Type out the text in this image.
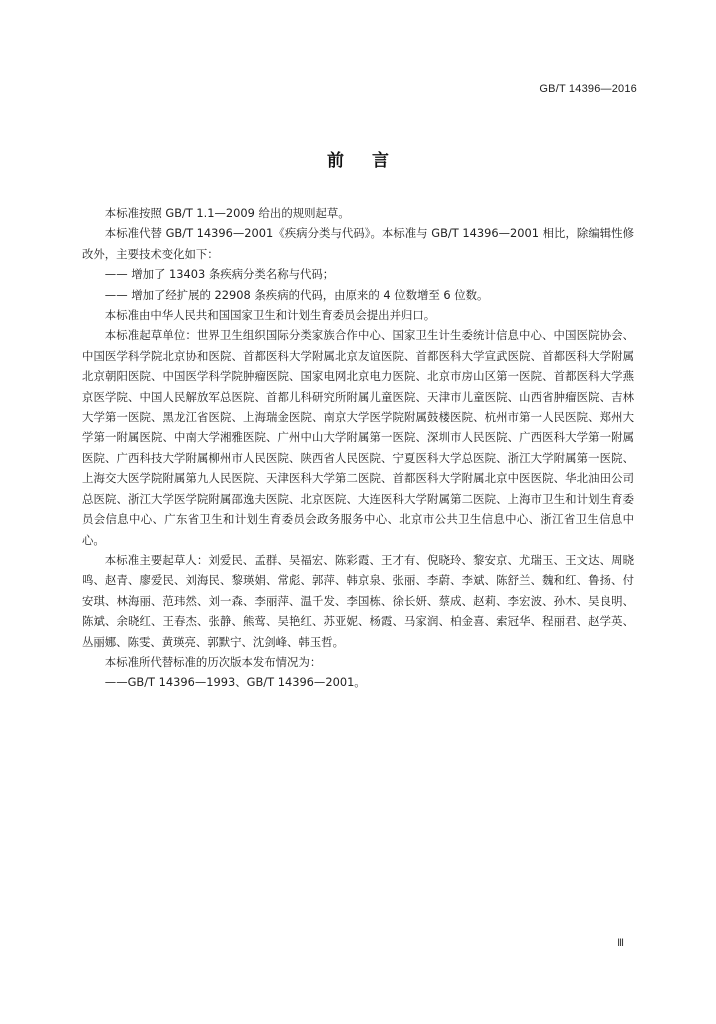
GB/T 14396—2016
前言

本标准按照 GB/T 1.1—2009 给出的规则起草。

本标准代替 GB/T 14396—2001《疾病分类与代码》。本标准与 GB/T 14396—2001 相比，除编辑性修改外，主要技术变化如下：

—— 增加了 13403 条疾病分类名称与代码；

—— 增加了经扩展的 22908 条疾病的代码，由原来的 4 位数增至 6 位数。

本标准由中华人民共和国国家卫生和计划生育委员会提出并归口。

本标准起草单位：世界卫生组织国际分类家族合作中心、国家卫生计生委统计信息中心、中国医院协会、中国医学科学院北京协和医院、首都医科大学附属北京友谊医院、首都医科大学宣武医院、首都医科大学附属北京朝阳医院、中国医学科学院肿瘤医院、国家电网北京电力医院、北京市房山区第一医院、首都医科大学燕京医学院、中国人民解放军总医院、首都儿科研究所附属儿童医院、天津市儿童医院、山西省肿瘤医院、吉林大学第一医院、黑龙江省医院、上海瑞金医院、南京大学医学院附属鼓楼医院、杭州市第一人民医院、郑州大学第一附属医院、中南大学湘雅医院、广州中山大学附属第一医院、深圳市人民医院、广西医科大学第一附属医院、广西科技大学附属柳州市人民医院、陕西省人民医院、宁夏医科大学总医院、浙江大学附属第一医院、上海交大医学院附属第九人民医院、天津医科大学第二医院、首都医科大学附属北京中医医院、华北油田公司总医院、浙江大学医学院附属邵逸夫医院、北京医院、大连医科大学附属第二医院、上海市卫生和计划生育委员会信息中心、广东省卫生和计划生育委员会政务服务中心、北京市公共卫生信息中心、浙江省卫生信息中心。

本标准主要起草人：刘爱民、孟群、吴福宏、陈彩霞、王才有、倪晓玲、黎安京、尤瑞玉、王文达、周晓鸣、赵青、廖爱民、刘海民、黎瑛娟、常彪、郭萍、韩京泉、张丽、李蔚、李斌、陈舒兰、魏和红、鲁扬、付安琪、林海丽、范玮然、刘一森、李丽萍、温千发、李国栋、徐长妍、蔡成、赵莉、李宏波、孙木、吴良明、陈斌、余晓红、王春杰、张静、熊莺、吴艳红、苏亚妮、杨霞、马家润、柏金喜、索冠华、程丽君、赵学英、丛丽娜、陈雯、黄瑛亮、郭默宁、沈剑峰、韩玉哲。

本标准所代替标准的历次版本发布情况为：

——GB/T 14396—1993、GB/T 14396—2001。

Ⅲ
